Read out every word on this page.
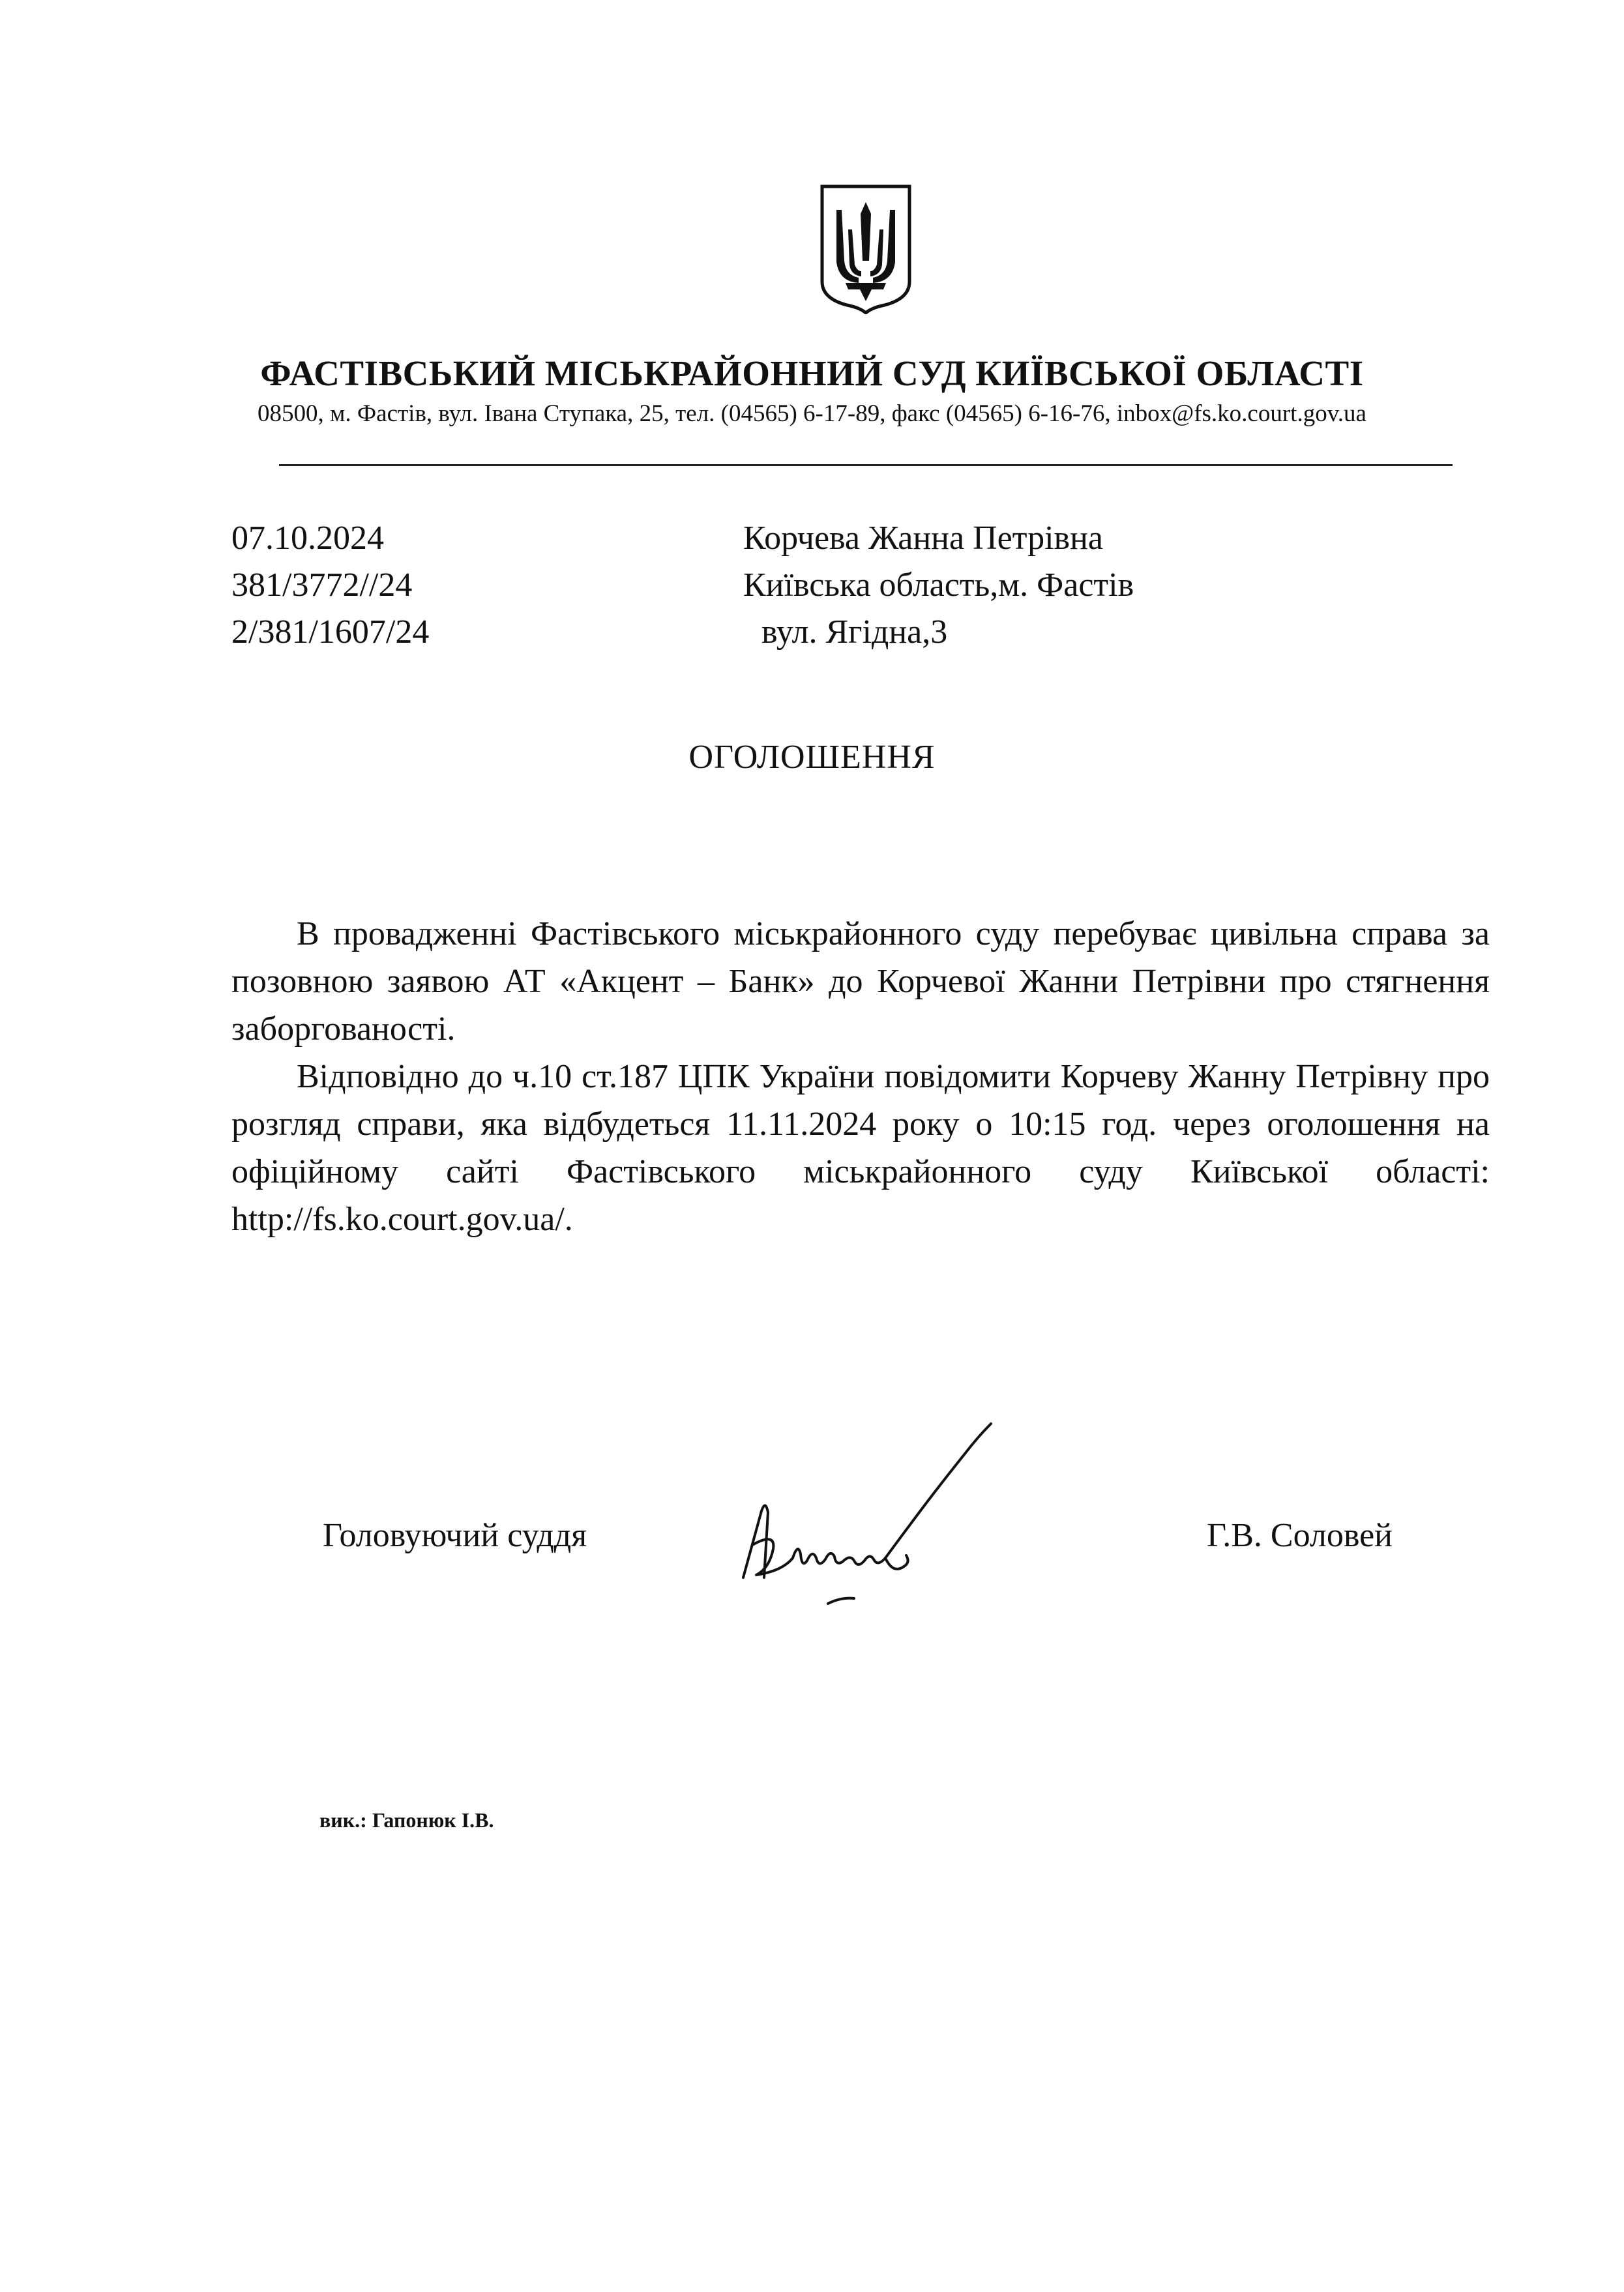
ФАСТІВСЬКИЙ МІСЬКРАЙОННИЙ СУД КИЇВСЬКОЇ ОБЛАСТІ
08500, м. Фастів, вул. Івана Ступака, 25, тел. (04565) 6-17-89, факс (04565) 6-16-76, inbox@fs.ko.court.gov.ua
07.10.2024
381/3772//24
2/381/1607/24
Корчева Жанна Петрівна
Київська область,м. Фастів
вул. Ягідна,3
ОГОЛОШЕННЯ

В провадженні Фастівського міськрайонного суду перебуває цивільна справа за позовною заявою АТ «Акцент – Банк» до Корчевої Жанни Петрівни про стягнення заборгованості.

Відповідно до ч.10 ст.187 ЦПК України повідомити Корчеву Жанну Петрівну про розгляд справи, яка відбудеться 11.11.2024 року о 10:15 год. через оголошення на офіційному сайті Фастівського міськрайонного суду Київської області: http://fs.ko.court.gov.ua/.

Головуючий суддя	Г.В. Соловей
вик.: Гапонюк І.В.
